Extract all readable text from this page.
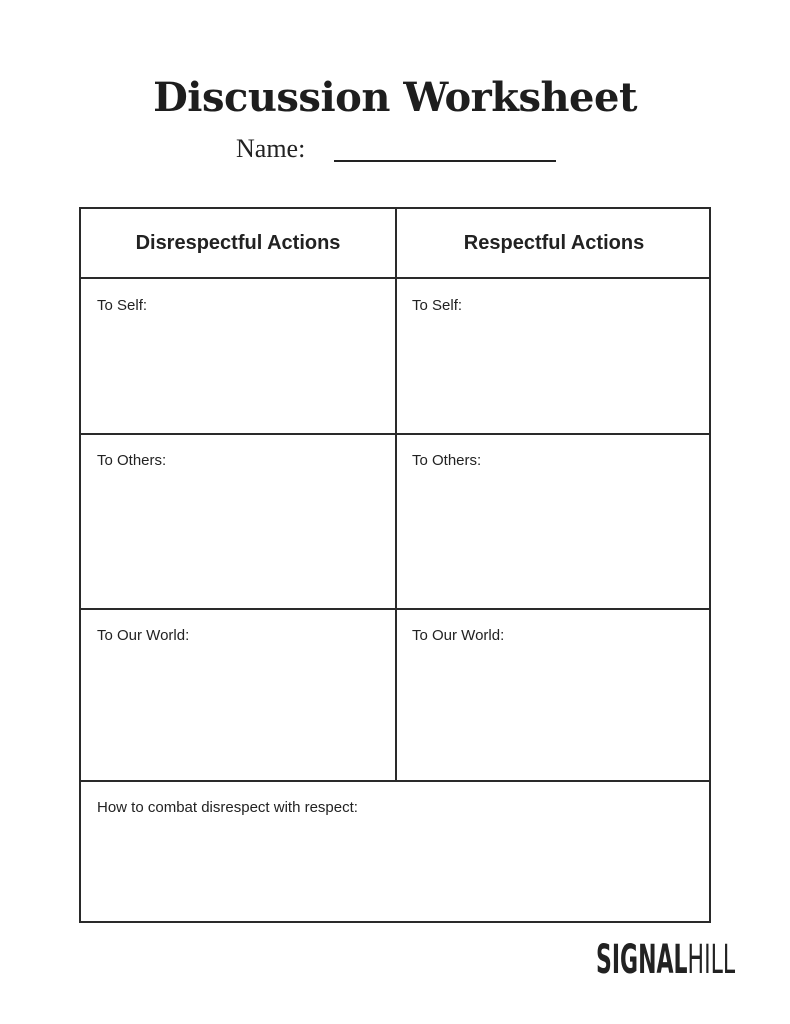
Discussion Worksheet
Name:
Disrespectful Actions	Respectful Actions
To Self:	To Self:
To Others:	To Others:
To Our World:	To Our World:
How to combat disrespect with respect:
SIGNALHILL
